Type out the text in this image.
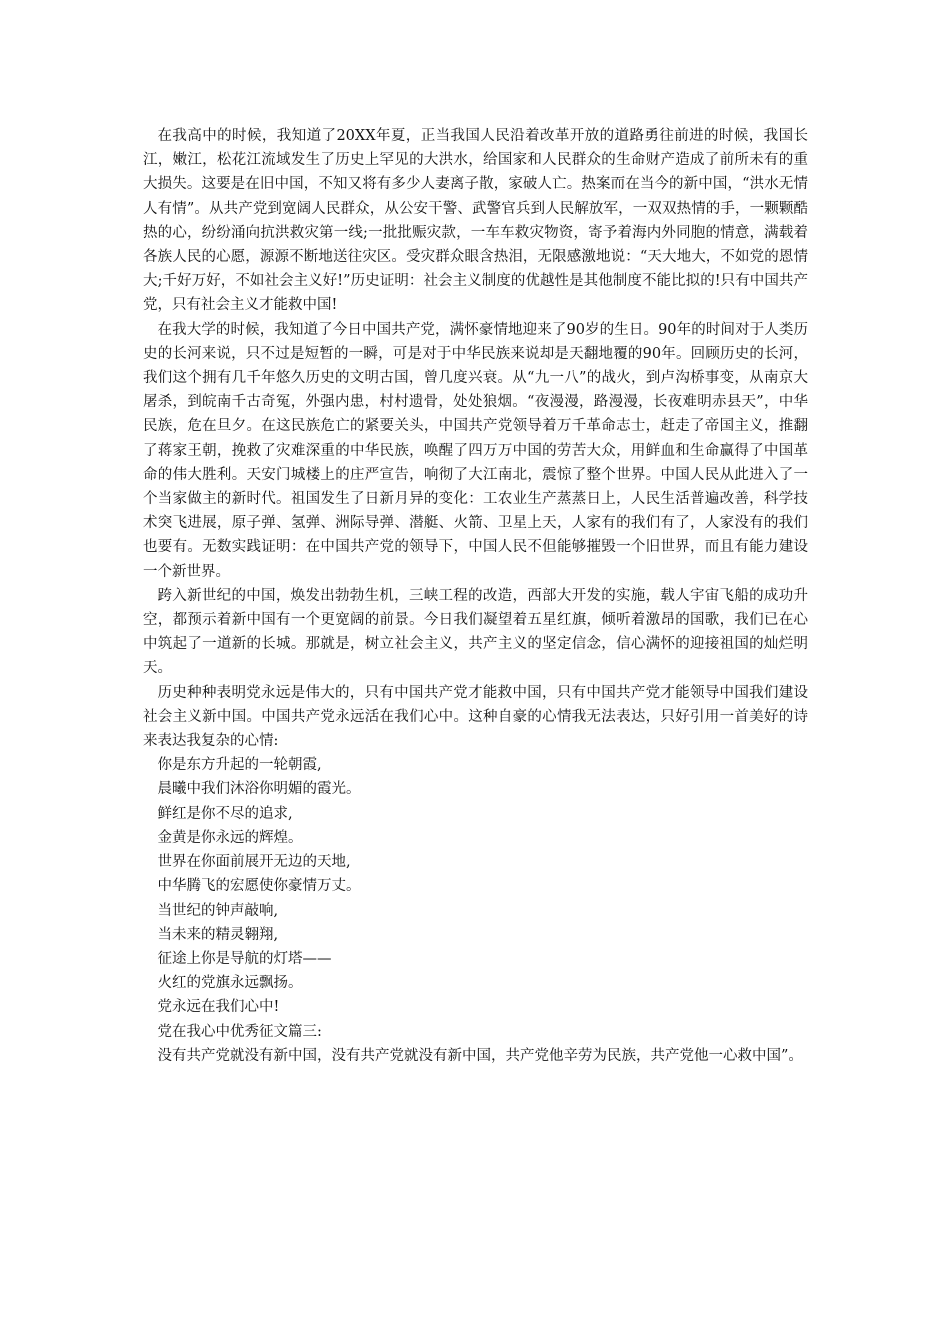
在我高中的时候，我知道了20XX年夏，正当我国人民沿着改革开放的道路勇往前进的时候，我国长江，嫩江，松花江流域发生了历史上罕见的大洪水，给国家和人民群众的生命财产造成了前所未有的重大损失。这要是在旧中国，不知又将有多少人妻离子散，家破人亡。热案而在当今的新中国，“洪水无情人有情”。从共产党到宽阔人民群众，从公安干警、武警官兵到人民解放军，一双双热情的手，一颗颗酷热的心，纷纷涌向抗洪救灾第一线;一批批赈灾款，一车车救灾物资，寄予着海内外同胞的情意，满载着各族人民的心愿，源源不断地送往灾区。受灾群众眼含热泪，无限感激地说：“天大地大，不如党的恩情大;千好万好，不如社会主义好!”历史证明：社会主义制度的优越性是其他制度不能比拟的!只有中国共产党，只有社会主义才能救中国!

在我大学的时候，我知道了今日中国共产党，满怀豪情地迎来了90岁的生日。90年的时间对于人类历史的长河来说，只不过是短暂的一瞬，可是对于中华民族来说却是天翻地覆的90年。回顾历史的长河，我们这个拥有几千年悠久历史的文明古国，曾几度兴衰。从“九一八”的战火，到卢沟桥事变，从南京大屠杀，到皖南千古奇冤，外强内患，村村遗骨，处处狼烟。“夜漫漫，路漫漫，长夜难明赤县天”，中华民族，危在旦夕。在这民族危亡的紧要关头，中国共产党领导着万千革命志士，赶走了帝国主义，推翻了蒋家王朝，挽救了灾难深重的中华民族，唤醒了四万万中国的劳苦大众，用鲜血和生命赢得了中国革命的伟大胜利。天安门城楼上的庄严宣告，响彻了大江南北，震惊了整个世界。中国人民从此进入了一个当家做主的新时代。祖国发生了日新月异的变化：工农业生产蒸蒸日上，人民生活普遍改善，科学技术突飞进展，原子弹、氢弹、洲际导弹、潜艇、火箭、卫星上天，人家有的我们有了，人家没有的我们也要有。无数实践证明：在中国共产党的领导下，中国人民不但能够摧毁一个旧世界，而且有能力建设一个新世界。

跨入新世纪的中国，焕发出勃勃生机，三峡工程的改造，西部大开发的实施，载人宇宙飞船的成功升空，都预示着新中国有一个更宽阔的前景。今日我们凝望着五星红旗，倾听着激昂的国歌，我们已在心中筑起了一道新的长城。那就是，树立社会主义，共产主义的坚定信念，信心满怀的迎接祖国的灿烂明天。

历史种种表明党永远是伟大的，只有中国共产党才能救中国，只有中国共产党才能领导中国我们建设社会主义新中国。中国共产党永远活在我们心中。这种自豪的心情我无法表达，只好引用一首美好的诗来表达我复杂的心情:

你是东方升起的一轮朝霞,

晨曦中我们沐浴你明媚的霞光。

鲜红是你不尽的追求,

金黄是你永远的辉煌。

世界在你面前展开无边的天地,

中华腾飞的宏愿使你豪情万丈。

当世纪的钟声敲响,

当未来的精灵翱翔,

征途上你是导航的灯塔——

火红的党旗永远飘扬。

党永远在我们心中!

党在我心中优秀征文篇三:

没有共产党就没有新中国，没有共产党就没有新中国，共产党他辛劳为民族，共产党他一心救中国”。
